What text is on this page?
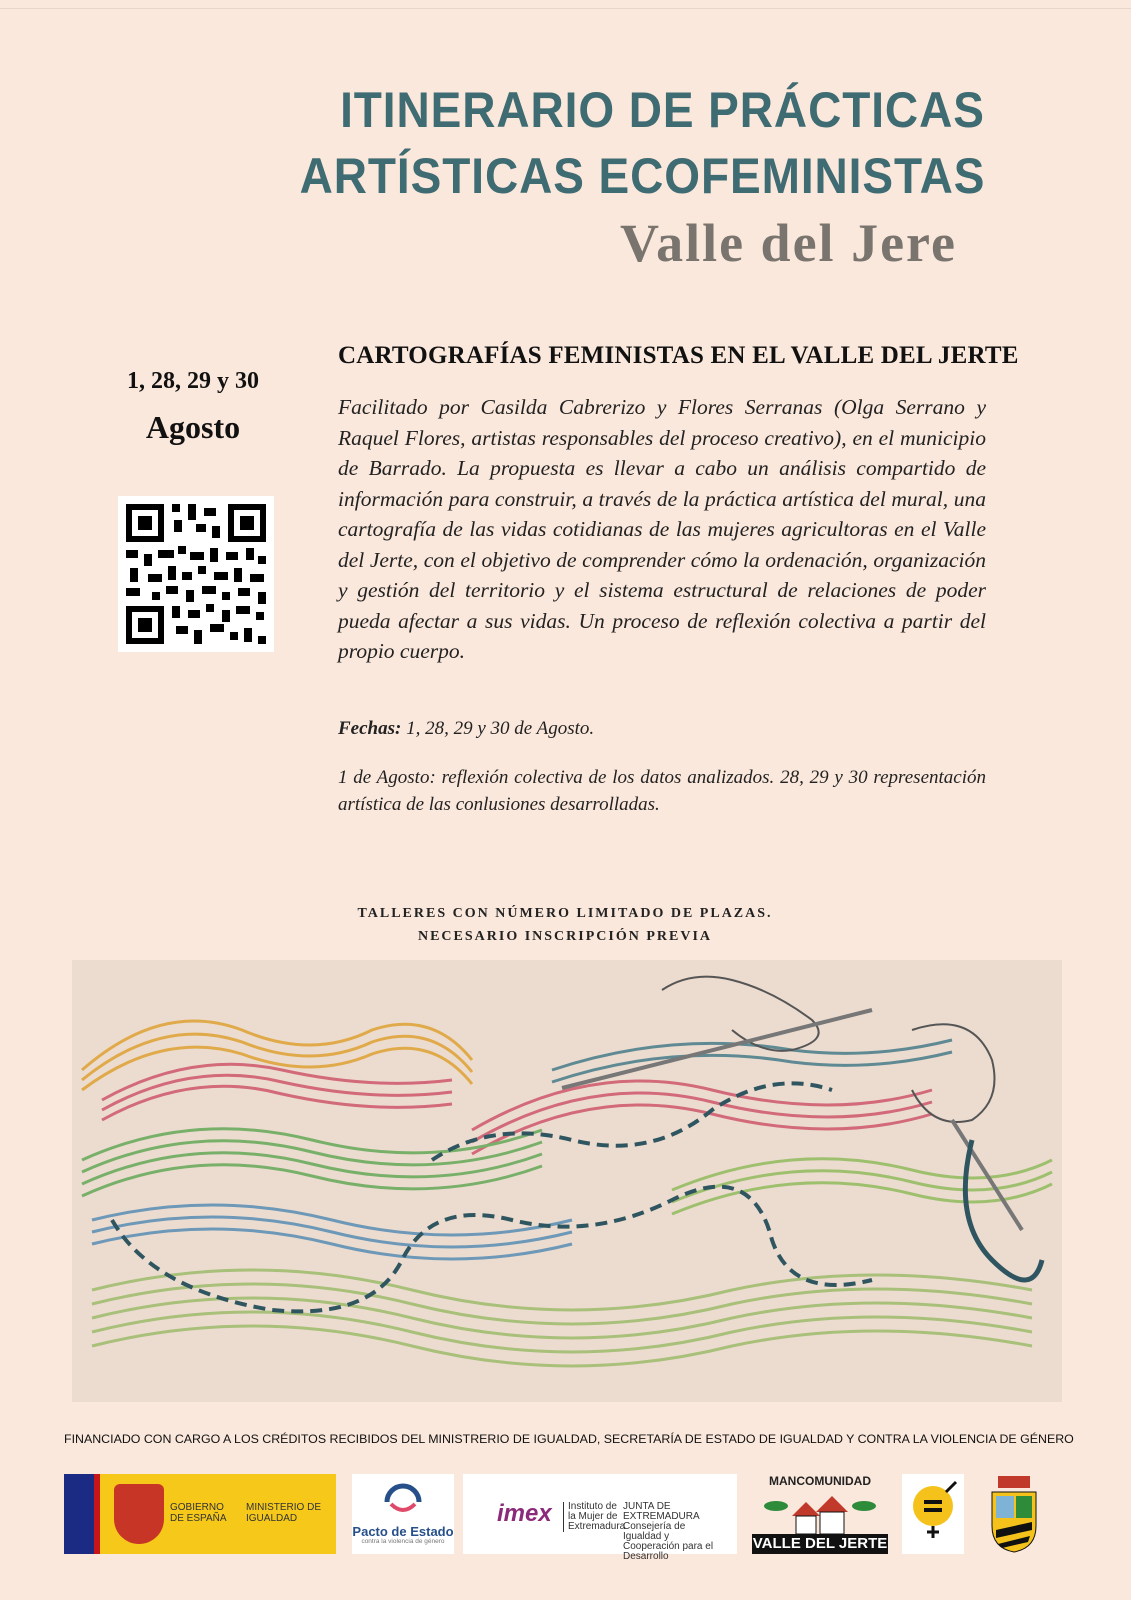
ITINERARIO DE PRÁCTICAS
ARTÍSTICAS ECOFEMINISTAS
Valle del Jere
1, 28, 29 y 30
Agosto
CARTOGRAFÍAS FEMINISTAS EN EL VALLE DEL JERTE
Facilitado por Casilda Cabrerizo y Flores Serranas (Olga Serrano y Raquel Flores, artistas responsables del proceso creativo), en el municipio de Barrado. La propuesta es llevar a cabo un análisis compartido de información para construir, a través de la práctica artística del mural, una cartografía de las vidas cotidianas de las mujeres agricultoras en el Valle del Jerte, con el objetivo de comprender cómo la ordenación, organización y gestión del territorio y el sistema estructural de relaciones de poder pueda afectar a sus vidas. Un proceso de reflexión colectiva a partir del propio cuerpo.
Fechas: 1, 28, 29 y 30 de Agosto.
1 de Agosto: reflexión colectiva de los datos analizados. 28, 29 y 30 representación artística de las conlusiones desarrolladas.
TALLERES CON NÚMERO LIMITADO DE PLAZAS.
NECESARIO INSCRIPCIÓN PREVIA
FINANCIADO CON CARGO A LOS CRÉDITOS RECIBIDOS DEL MINISTRERIO DE IGUALDAD, SECRETARÍA DE ESTADO DE IGUALDAD Y CONTRA LA VIOLENCIA DE GÉNERO
GOBIERNO DE ESPAÑA
MINISTERIO DE IGUALDAD
Pacto de Estado
contra la violencia de género
imex	Instituto de la Mujer de Extremadura
JUNTA DE EXTREMADURA Consejería de Igualdad y Cooperación para el Desarrollo
MANCOMUNIDAD
VALLE DEL JERTE
